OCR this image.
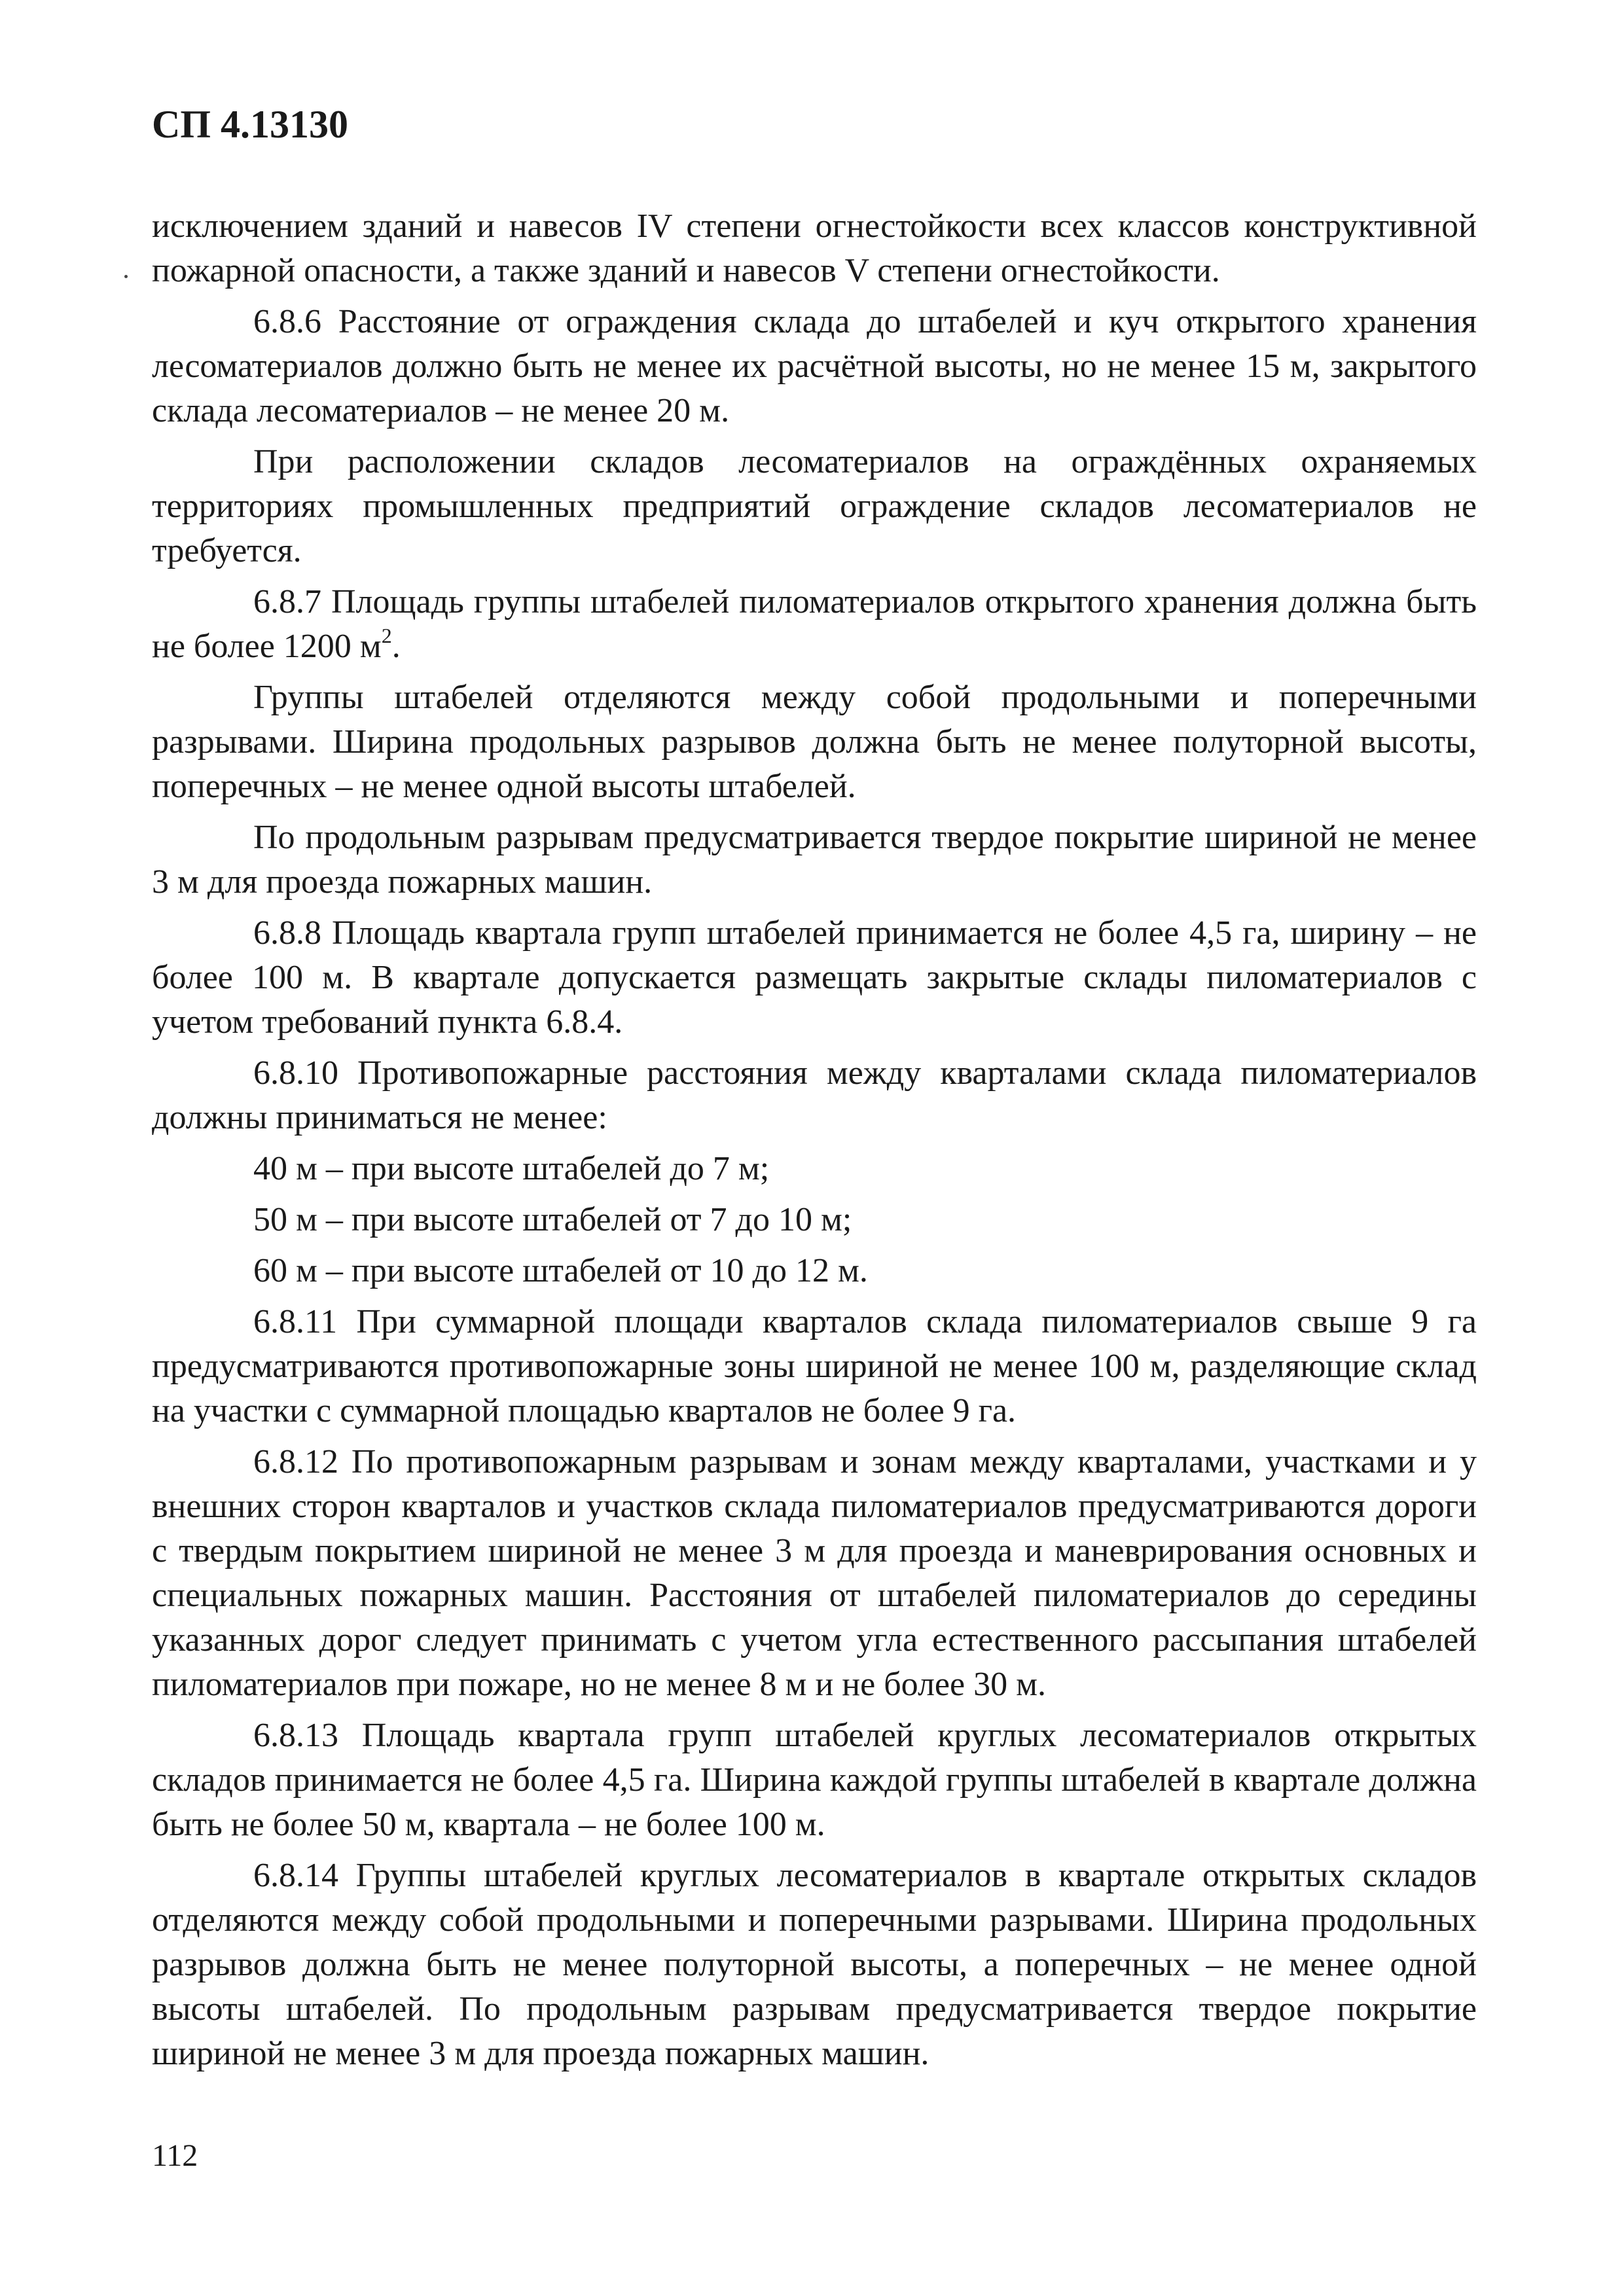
СП 4.13130

исключением зданий и навесов IV степени огнестойкости всех классов конструктивной пожарной опасности, а также зданий и навесов V степени огнестойкости.

6.8.6 Расстояние от ограждения склада до штабелей и куч открытого хранения лесоматериалов должно быть не менее их расчётной высоты, но не менее 15 м, закрытого склада лесоматериалов – не менее 20 м.

При расположении складов лесоматериалов на ограждённых охраняемых территориях промышленных предприятий ограждение складов лесоматериалов не требуется.

6.8.7 Площадь группы штабелей пиломатериалов открытого хранения должна быть не более 1200 $м^2$.

Группы штабелей отделяются между собой продольными и поперечными разрывами. Ширина продольных разрывов должна быть не менее полуторной высоты, поперечных – не менее одной высоты штабелей.

По продольным разрывам предусматривается твердое покрытие шириной не менее 3 м для проезда пожарных машин.

6.8.8 Площадь квартала групп штабелей принимается не более 4,5 га, ширину – не более 100 м. В квартале допускается размещать закрытые склады пиломатериалов с учетом требований пункта 6.8.4.

6.8.10 Противопожарные расстояния между кварталами склада пиломатериалов должны приниматься не менее:

40 м – при высоте штабелей до 7 м;

50 м – при высоте штабелей от 7 до 10 м;

60 м – при высоте штабелей от 10 до 12 м.

6.8.11 При суммарной площади кварталов склада пиломатериалов свыше 9 га предусматриваются противопожарные зоны шириной не менее 100 м, разделяющие склад на участки с суммарной площадью кварталов не более 9 га.

6.8.12 По противопожарным разрывам и зонам между кварталами, участками и у внешних сторон кварталов и участков склада пиломатериалов предусматриваются дороги с твердым покрытием шириной не менее 3 м для проезда и маневрирования основных и специальных пожарных машин. Расстояния от штабелей пиломатериалов до середины указанных дорог следует принимать с учетом угла естественного рассыпания штабелей пиломатериалов при пожаре, но не менее 8 м и не более 30 м.

6.8.13 Площадь квартала групп штабелей круглых лесоматериалов открытых складов принимается не более 4,5 га. Ширина каждой группы штабелей в квартале должна быть не более 50 м, квартала – не более 100 м.

6.8.14 Группы штабелей круглых лесоматериалов в квартале открытых складов отделяются между собой продольными и поперечными разрывами. Ширина продольных разрывов должна быть не менее полуторной высоты, а поперечных – не менее одной высоты штабелей. По продольным разрывам предусматривается твердое покрытие шириной не менее 3 м для проезда пожарных машин.

112
